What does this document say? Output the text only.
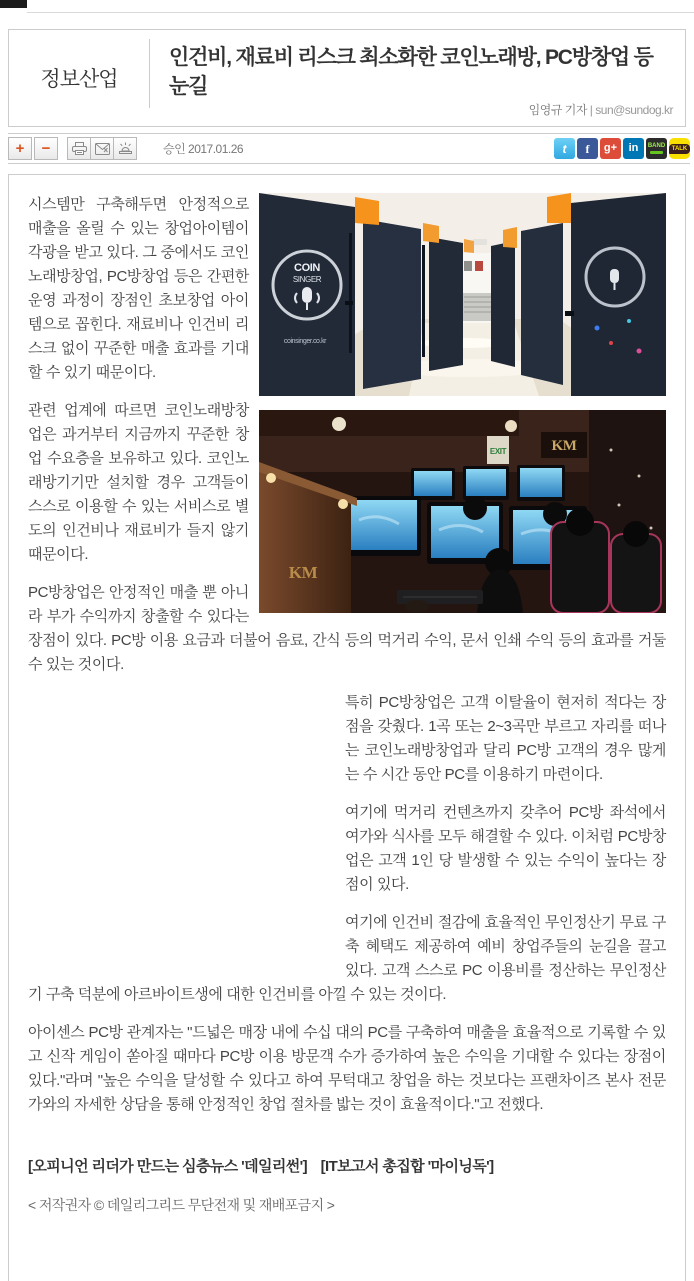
정보산업
인건비, 재료비 리스크 최소화한 코인노래방, PC방창업 등 눈길
임영규 기자 | sun@sundog.kr
+	−	승인 2017.01.26	t	f	g+	in	BAND	TALK
COIN
SINGER
coinsinger.co.kr

시스템만 구축해두면 안정적으로 매출을 올릴 수 있는 창업아이템이 각광을 받고 있다. 그 중에서도 코인노래방창업, PC방창업 등은 간편한 운영 과정이 장점인 초보창업 아이템으로 꼽힌다. 재료비나 인건비 리스크 없이 꾸준한 매출 효과를 기대할 수 있기 때문이다.

EXIT	KM
KM

관련 업계에 따르면 코인노래방창업은 과거부터 지금까지 꾸준한 창업 수요층을 보유하고 있다. 코인노래방기기만 설치할 경우 고객들이 스스로 이용할 수 있는 서비스로 별도의 인건비나 재료비가 들지 않기 때문이다.

PC방창업은 안정적인 매출 뿐 아니라 부가 수익까지 창출할 수 있다는 장점이 있다. PC방 이용 요금과 더불어 음료, 간식 등의 먹거리 수익, 문서 인쇄 수익 등의 효과를 거둘 수 있는 것이다.

특히 PC방창업은 고객 이탈율이 현저히 적다는 장점을 갖췄다. 1곡 또는 2~3곡만 부르고 자리를 떠나는 코인노래방창업과 달리 PC방 고객의 경우 많게는 수 시간 동안 PC를 이용하기 마련이다.

여기에 먹거리 컨텐츠까지 갖추어 PC방 좌석에서 여가와 식사를 모두 해결할 수 있다. 이처럼 PC방창업은 고객 1인 당 발생할 수 있는 수익이 높다는 장점이 있다.

여기에 인건비 절감에 효율적인 무인정산기 무료 구축 혜택도 제공하여 예비 창업주들의 눈길을 끌고 있다. 고객 스스로 PC 이용비를 정산하는 무인정산기 구축 덕분에 아르바이트생에 대한 인건비를 아낄 수 있는 것이다.

아이센스 PC방 관계자는 "드넓은 매장 내에 수십 대의 PC를 구축하여 매출을 효율적으로 기록할 수 있고 신작 게임이 쏟아질 때마다 PC방 이용 방문객 수가 증가하여 높은 수익을 기대할 수 있다는 장점이 있다."라며 "높은 수익을 달성할 수 있다고 하여 무턱대고 창업을 하는 것보다는 프랜차이즈 본사 전문가와의 자세한 상담을 통해 안정적인 창업 절차를 밟는 것이 효율적이다."고 전했다.

[오피니언 리더가 만드는 심층뉴스 '데일리썬'] [IT보고서 총집합 '마이닝독']

< 저작권자 © 데일리그리드 무단전재 및 재배포금지 >
